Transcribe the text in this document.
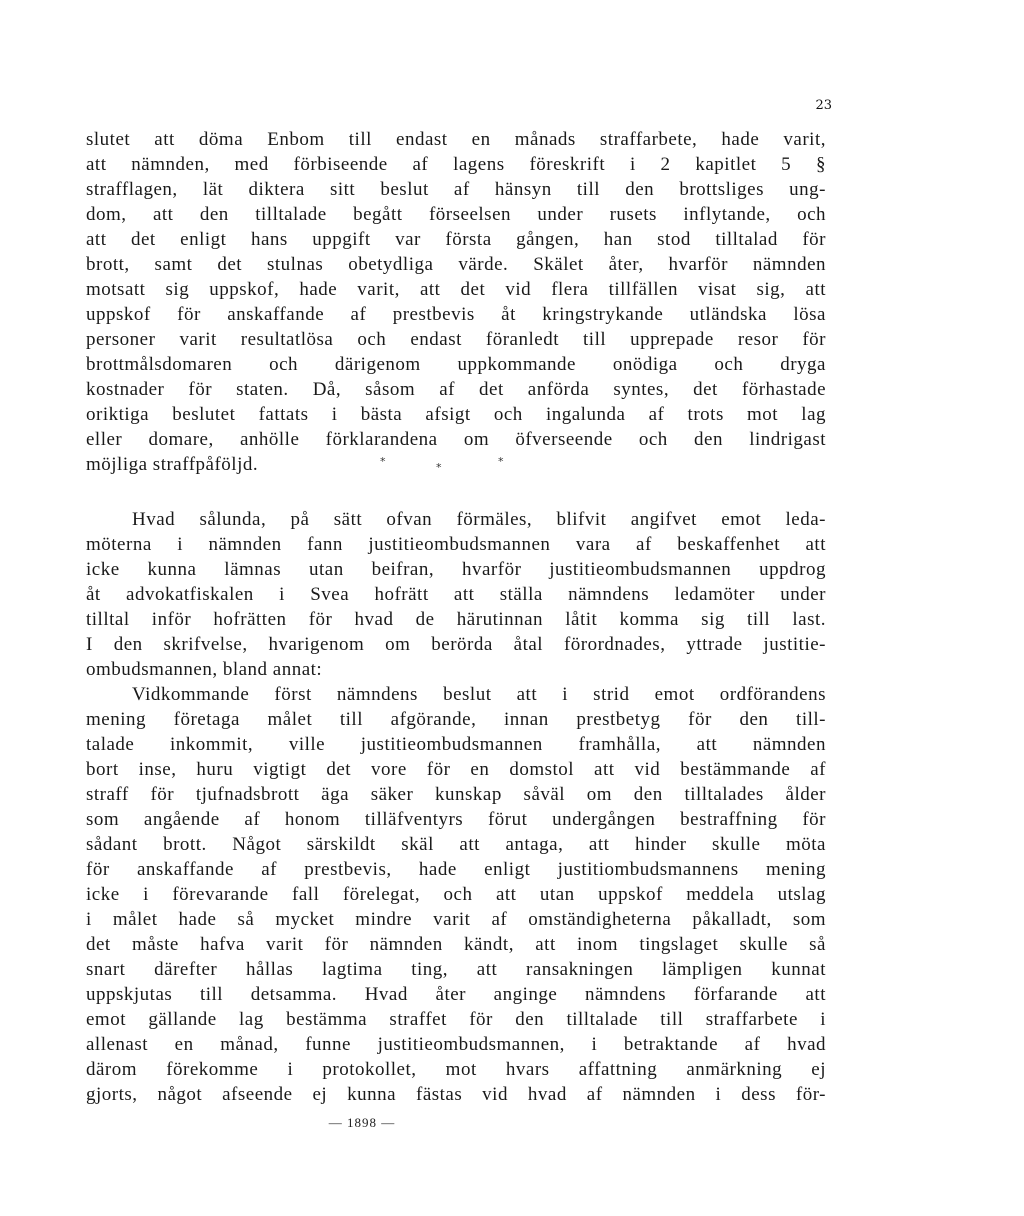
23
slutet att döma Enbom till endast en månads straffarbete, hade varit,
att nämnden, med förbiseende af lagens föreskrift i 2 kapitlet 5 §
strafflagen, lät diktera sitt beslut af hänsyn till den brottsliges ung-
dom, att den tilltalade begått förseelsen under rusets inflytande, och
att det enligt hans uppgift var första gången, han stod tilltalad för
brott, samt det stulnas obetydliga värde. Skälet åter, hvarför nämnden
motsatt sig uppskof, hade varit, att det vid flera tillfällen visat sig, att
uppskof för anskaffande af prestbevis åt kringstrykande utländska lösa
personer varit resultatlösa och endast föranledt till upprepade resor för
brottmålsdomaren och därigenom uppkommande onödiga och dryga
kostnader för staten. Då, såsom af det anförda syntes, det förhastade
oriktiga beslutet fattats i bästa afsigt och ingalunda af trots mot lag
eller domare, anhölle förklarandena om öfverseende och den lindrigast
möjliga straffpåföljd.	*	*	*
Hvad sålunda, på sätt ofvan förmäles, blifvit angifvet emot leda-
möterna i nämnden fann justitieombudsmannen vara af beskaffenhet att
icke kunna lämnas utan beifran, hvarför justitieombudsmannen uppdrog
åt advokatfiskalen i Svea hofrätt att ställa nämndens ledamöter under
tilltal inför hofrätten för hvad de härutinnan låtit komma sig till last.
I den skrifvelse, hvarigenom om berörda åtal förordnades, yttrade justitie-
ombudsmannen, bland annat:
Vidkommande först nämndens beslut att i strid emot ordförandens
mening företaga målet till afgörande, innan prestbetyg för den till-
talade inkommit, ville justitieombudsmannen framhålla, att nämnden
bort inse, huru vigtigt det vore för en domstol att vid bestämmande af
straff för tjufnadsbrott äga säker kunskap såväl om den tilltalades ålder
som angående af honom tilläfventyrs förut undergången bestraffning för
sådant brott. Något särskildt skäl att antaga, att hinder skulle möta
för anskaffande af prestbevis, hade enligt justitiombudsmannens mening
icke i förevarande fall förelegat, och att utan uppskof meddela utslag
i målet hade så mycket mindre varit af omständigheterna påkalladt, som
det måste hafva varit för nämnden kändt, att inom tingslaget skulle så
snart därefter hållas lagtima ting, att ransakningen lämpligen kunnat
uppskjutas till detsamma. Hvad åter anginge nämndens förfarande att
emot gällande lag bestämma straffet för den tilltalade till straffarbete i
allenast en månad, funne justitieombudsmannen, i betraktande af hvad
därom förekomme i protokollet, mot hvars affattning anmärkning ej
gjorts, något afseende ej kunna fästas vid hvad af nämnden i dess för-
— 1898 —
